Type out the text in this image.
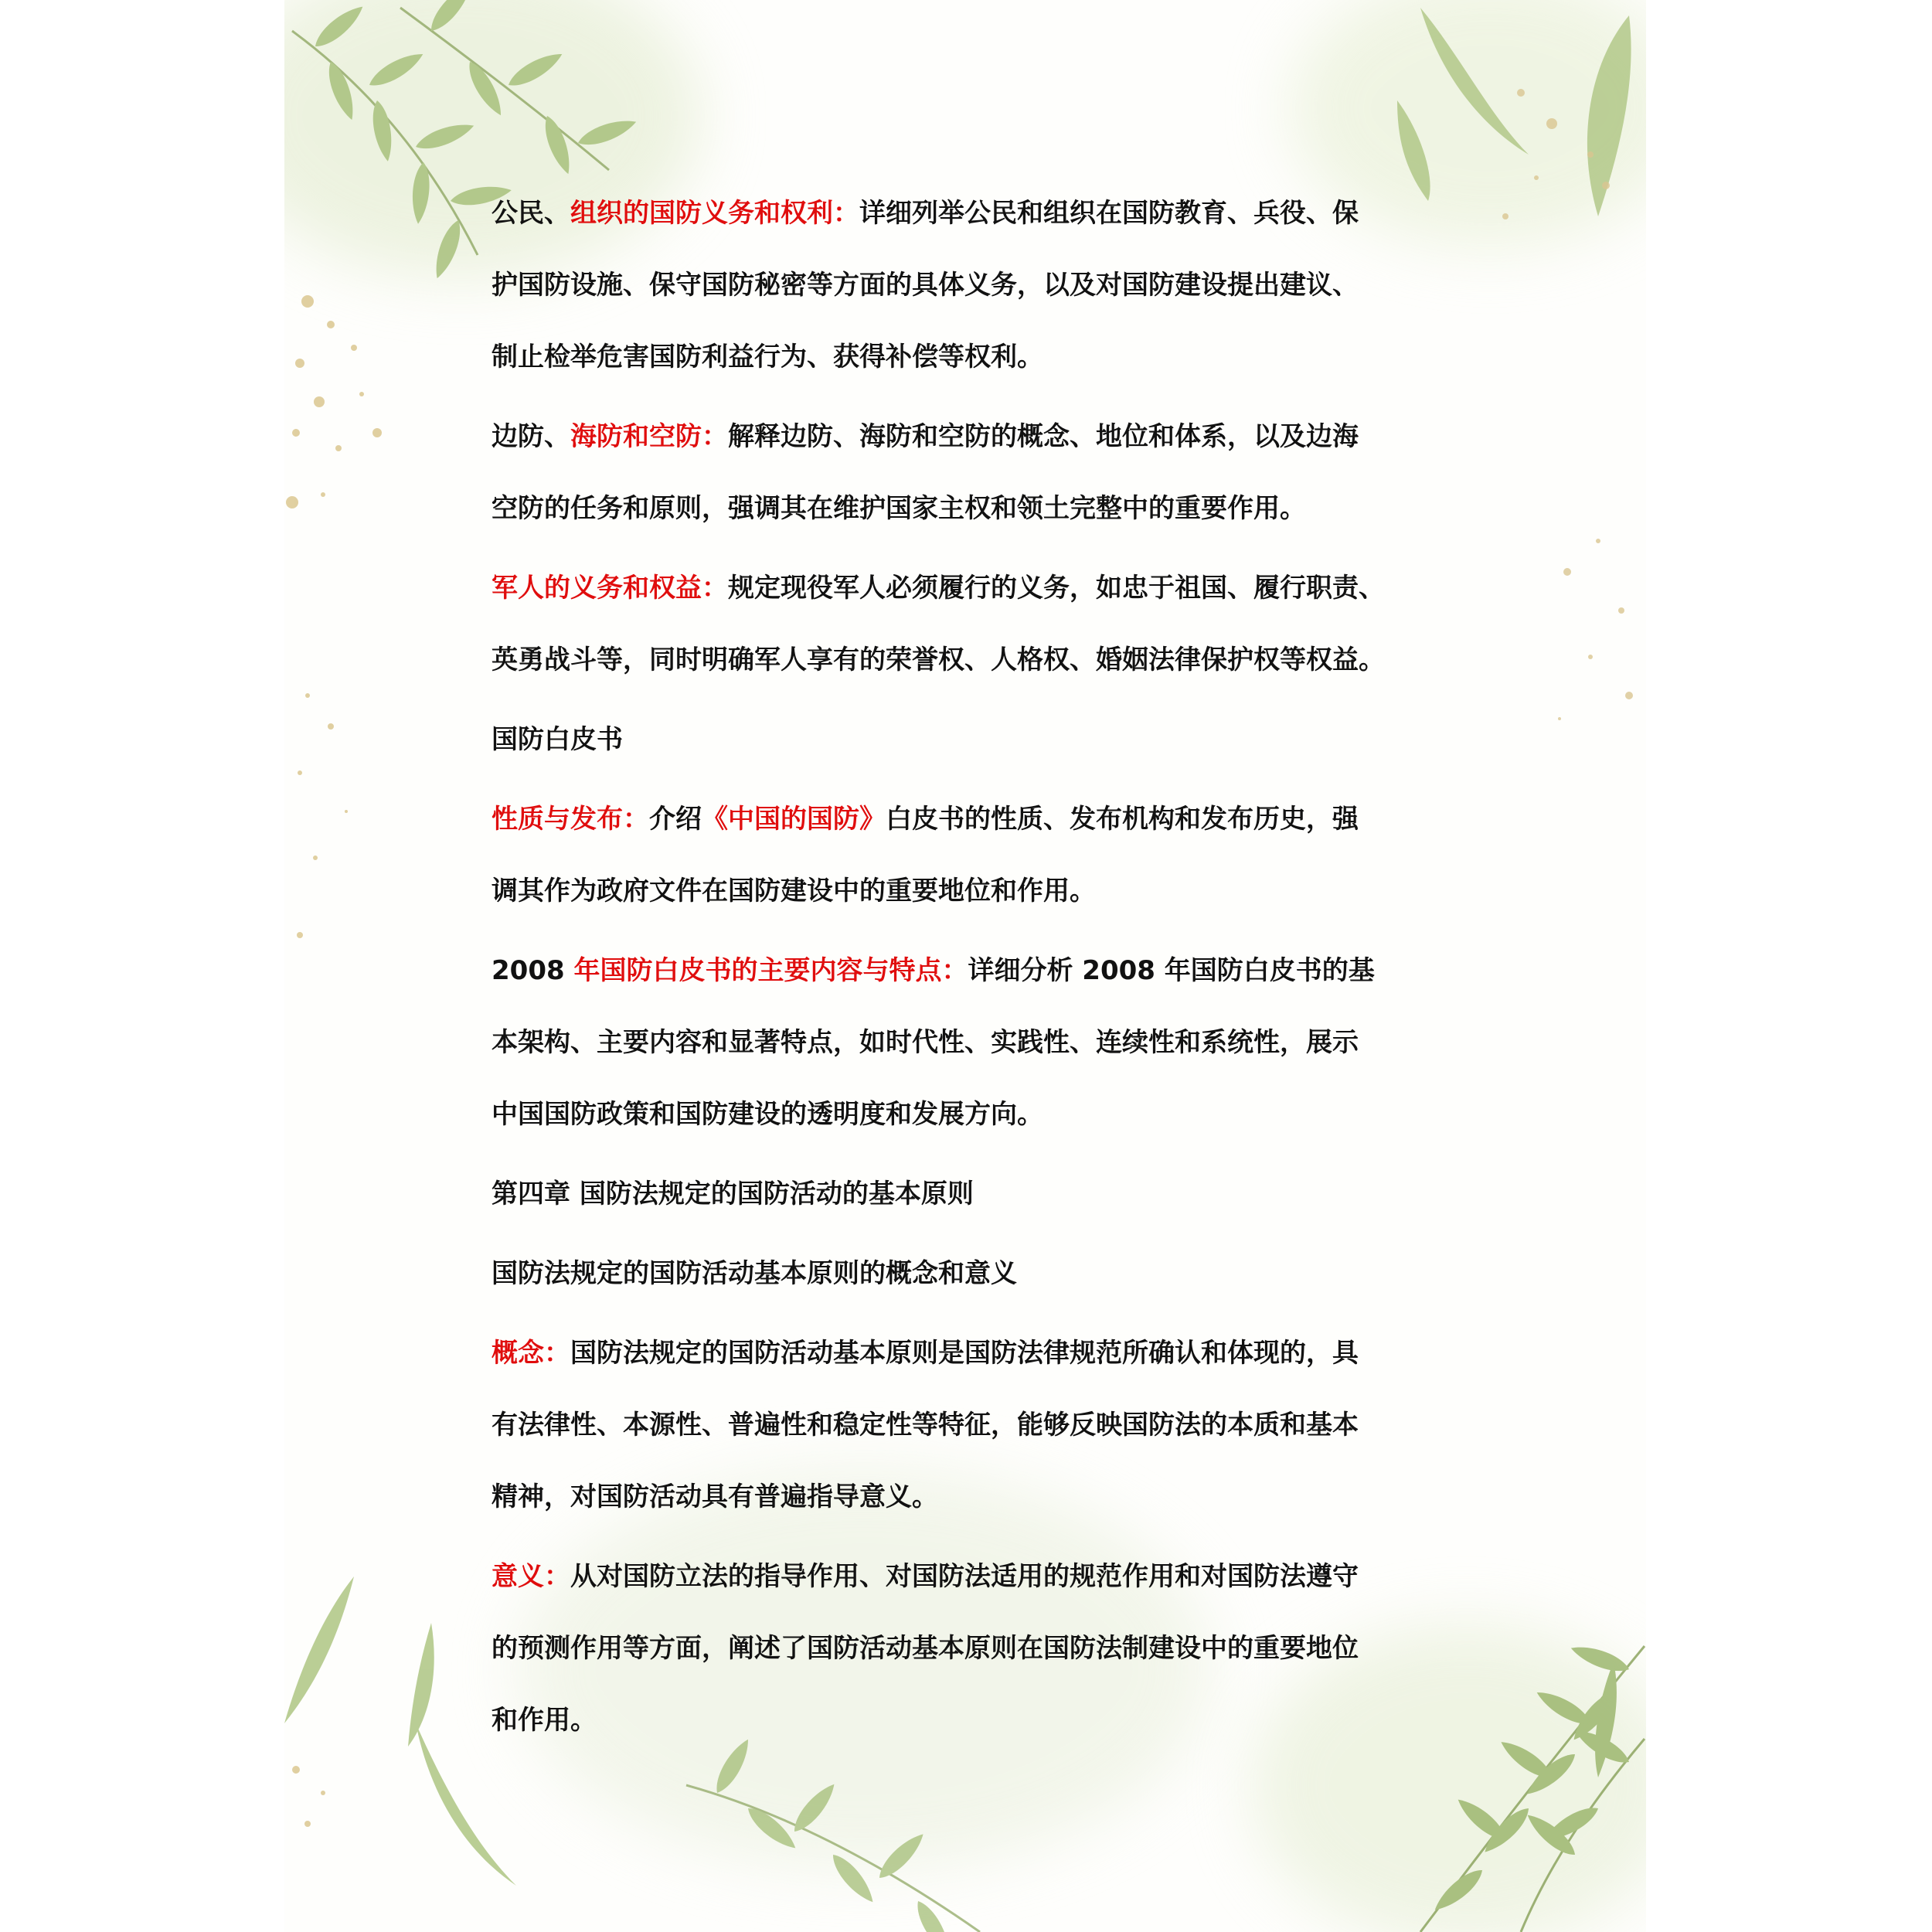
公民、组织的国防义务和权利：详细列举公民和组织在国防教育、兵役、保
护国防设施、保守国防秘密等方面的具体义务，以及对国防建设提出建议、
制止检举危害国防利益行为、获得补偿等权利。
边防、海防和空防：解释边防、海防和空防的概念、地位和体系，以及边海
空防的任务和原则，强调其在维护国家主权和领土完整中的重要作用。
军人的义务和权益：规定现役军人必须履行的义务，如忠于祖国、履行职责、
英勇战斗等，同时明确军人享有的荣誉权、人格权、婚姻法律保护权等权益。
国防白皮书
性质与发布：介绍《中国的国防》白皮书的性质、发布机构和发布历史，强
调其作为政府文件在国防建设中的重要地位和作用。
2008 年国防白皮书的主要内容与特点：详细分析 2008 年国防白皮书的基
本架构、主要内容和显著特点，如时代性、实践性、连续性和系统性，展示
中国国防政策和国防建设的透明度和发展方向。
第四章 国防法规定的国防活动的基本原则
国防法规定的国防活动基本原则的概念和意义
概念：国防法规定的国防活动基本原则是国防法律规范所确认和体现的，具
有法律性、本源性、普遍性和稳定性等特征，能够反映国防法的本质和基本
精神，对国防活动具有普遍指导意义。
意义：从对国防立法的指导作用、对国防法适用的规范作用和对国防法遵守
的预测作用等方面，阐述了国防活动基本原则在国防法制建设中的重要地位
和作用。
